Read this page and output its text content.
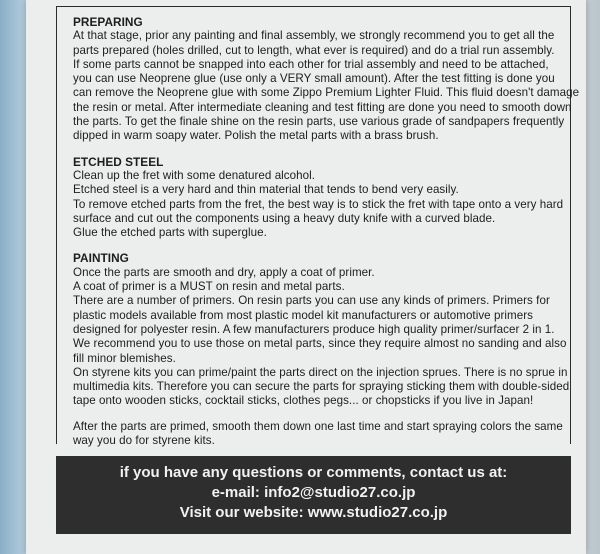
PREPARING
At that stage, prior any painting and final assembly, we strongly recommend you to get all the
parts prepared (holes drilled, cut to length, what ever is required) and do a trial run assembly.
If some parts cannot be snapped into each other for trial assembly and need to be attached,
you can use Neoprene glue (use only a VERY small amount). After the test fitting is done you
can remove the Neoprene glue with some Zippo Premium Lighter Fluid. This fluid doesn't damage
the resin or metal. After intermediate cleaning and test fitting are done you need to smooth down
the parts. To get the finale shine on the resin parts, use various grade of sandpapers frequently
dipped in warm soapy water. Polish the metal parts with a brass brush.
ETCHED STEEL
Clean up the fret with some denatured alcohol.
Etched steel is a very hard and thin material that tends to bend very easily.
To remove etched parts from the fret, the best way is to stick the fret with tape onto a very hard
surface and cut out the components using a heavy duty knife with a curved blade.
Glue the etched parts with superglue.
PAINTING
Once the parts are smooth and dry, apply a coat of primer.
A coat of primer is a MUST on resin and metal parts.
There are a number of primers. On resin parts you can use any kinds of primers. Primers for
plastic models available from most plastic model kit manufacturers or automotive primers
designed for polyester resin. A few manufacturers produce high quality primer/surfacer 2 in 1.
We recommend you to use those on metal parts, since they require almost no sanding and also
fill minor blemishes.
On styrene kits you can prime/paint the parts direct on the injection sprues. There is no sprue in
multimedia kits. Therefore you can secure the parts for spraying sticking them with double-sided
tape onto wooden sticks, cocktail sticks, clothes pegs... or chopsticks if you live in Japan!
After the parts are primed, smooth them down one last time and start spraying colors the same
way you do for styrene kits.
if you have any questions or comments, contact us at:
e-mail: info2@studio27.co.jp
Visit our website: www.studio27.co.jp
